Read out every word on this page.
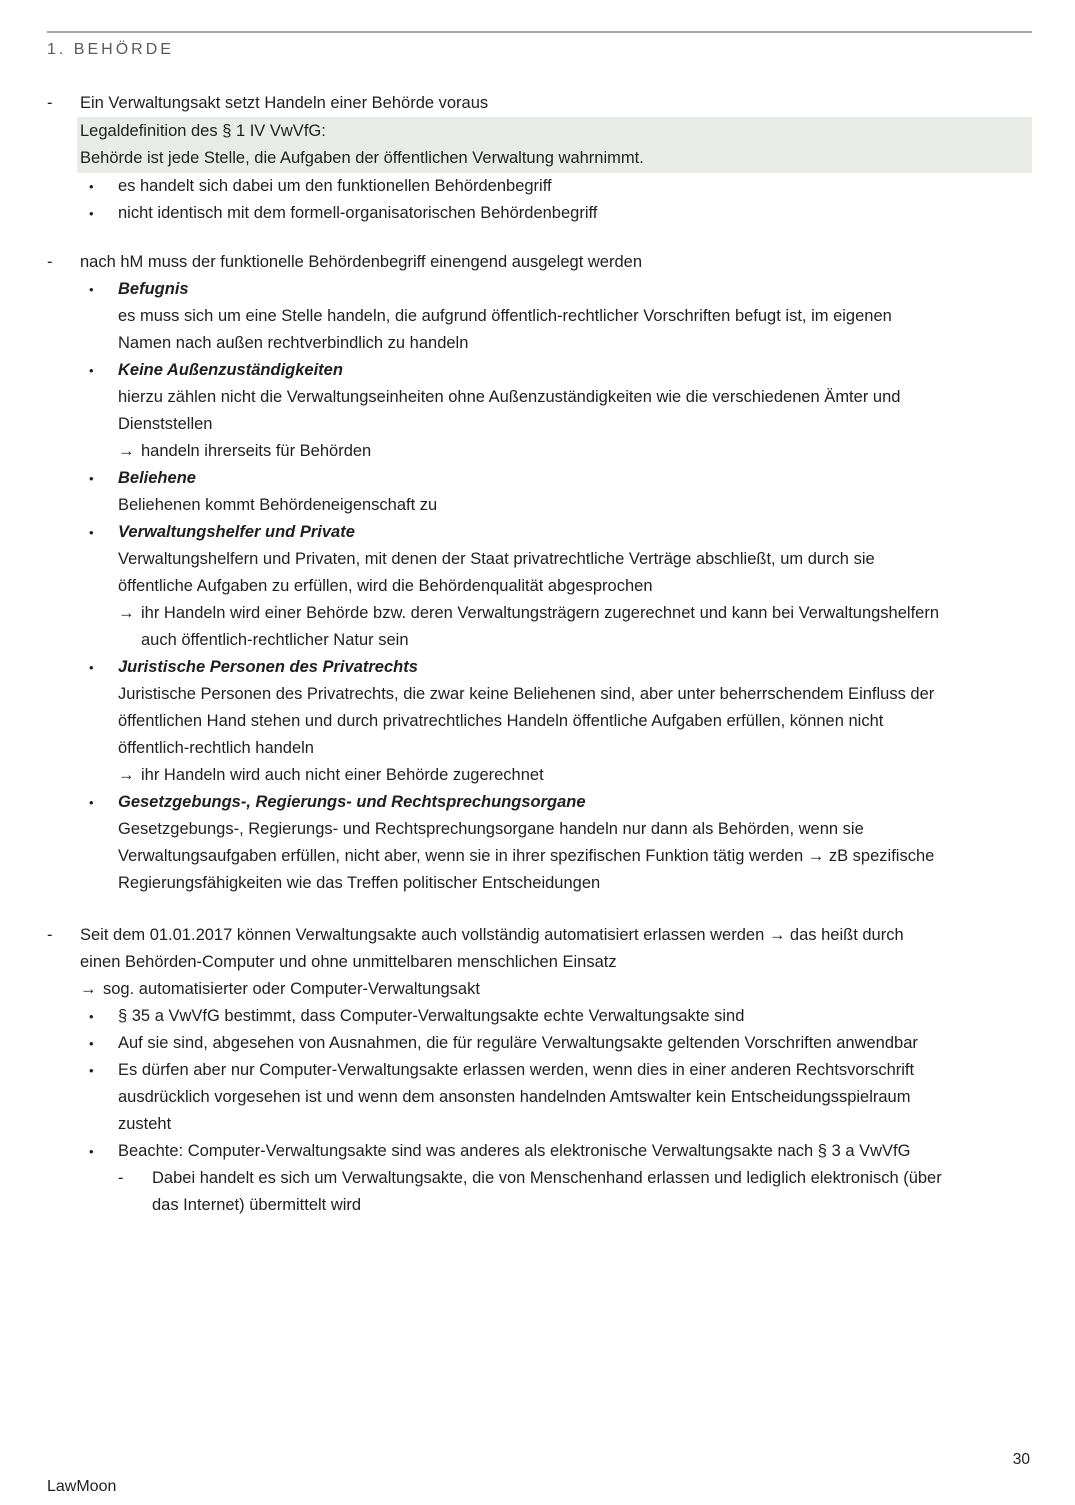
1. BEHÖRDE
-	Ein Verwaltungsakt setzt Handeln einer Behörde voraus
Legaldefinition des § 1 IV VwVfG:
Behörde ist jede Stelle, die Aufgaben der öffentlichen Verwaltung wahrnimmt.
•	es handelt sich dabei um den funktionellen Behördenbegriff
•	nicht identisch mit dem formell-organisatorischen Behördenbegriff
-	nach hM muss der funktionelle Behördenbegriff einengend ausgelegt werden
•	Befugnis
es muss sich um eine Stelle handeln, die aufgrund öffentlich-rechtlicher Vorschriften befugt ist, im eigenen
Namen nach außen rechtverbindlich zu handeln
•	Keine Außenzuständigkeiten
hierzu zählen nicht die Verwaltungseinheiten ohne Außenzuständigkeiten wie die verschiedenen Ämter und
Dienststellen
→ handeln ihrerseits für Behörden
•	Beliehene
Beliehenen kommt Behördeneigenschaft zu
•	Verwaltungshelfer und Private
Verwaltungshelfern und Privaten, mit denen der Staat privatrechtliche Verträge abschließt, um durch sie
öffentliche Aufgaben zu erfüllen, wird die Behördenqualität abgesprochen
→ ihr Handeln wird einer Behörde bzw. deren Verwaltungsträgern zugerechnet und kann bei Verwaltungshelfern
auch öffentlich-rechtlicher Natur sein
•	Juristische Personen des Privatrechts
Juristische Personen des Privatrechts, die zwar keine Beliehenen sind, aber unter beherrschendem Einfluss der
öffentlichen Hand stehen und durch privatrechtliches Handeln öffentliche Aufgaben erfüllen, können nicht
öffentlich-rechtlich handeln
→ ihr Handeln wird auch nicht einer Behörde zugerechnet
•	Gesetzgebungs-, Regierungs- und Rechtsprechungsorgane
Gesetzgebungs-, Regierungs- und Rechtsprechungsorgane handeln nur dann als Behörden, wenn sie
Verwaltungsaufgaben erfüllen, nicht aber, wenn sie in ihrer spezifischen Funktion tätig werden → zB spezifische
Regierungsfähigkeiten wie das Treffen politischer Entscheidungen
-	Seit dem 01.01.2017 können Verwaltungsakte auch vollständig automatisiert erlassen werden → das heißt durch
einen Behörden-Computer und ohne unmittelbaren menschlichen Einsatz
→ sog. automatisierter oder Computer-Verwaltungsakt
•	§ 35 a VwVfG bestimmt, dass Computer-Verwaltungsakte echte Verwaltungsakte sind
•	Auf sie sind, abgesehen von Ausnahmen, die für reguläre Verwaltungsakte geltenden Vorschriften anwendbar
•	Es dürfen aber nur Computer-Verwaltungsakte erlassen werden, wenn dies in einer anderen Rechtsvorschrift
ausdrücklich vorgesehen ist und wenn dem ansonsten handelnden Amtswalter kein Entscheidungsspielraum
zusteht
•	Beachte: Computer-Verwaltungsakte sind was anderes als elektronische Verwaltungsakte nach § 3 a VwVfG
-	Dabei handelt es sich um Verwaltungsakte, die von Menschenhand erlassen und lediglich elektronisch (über
das Internet) übermittelt wird
30
LawMoon
